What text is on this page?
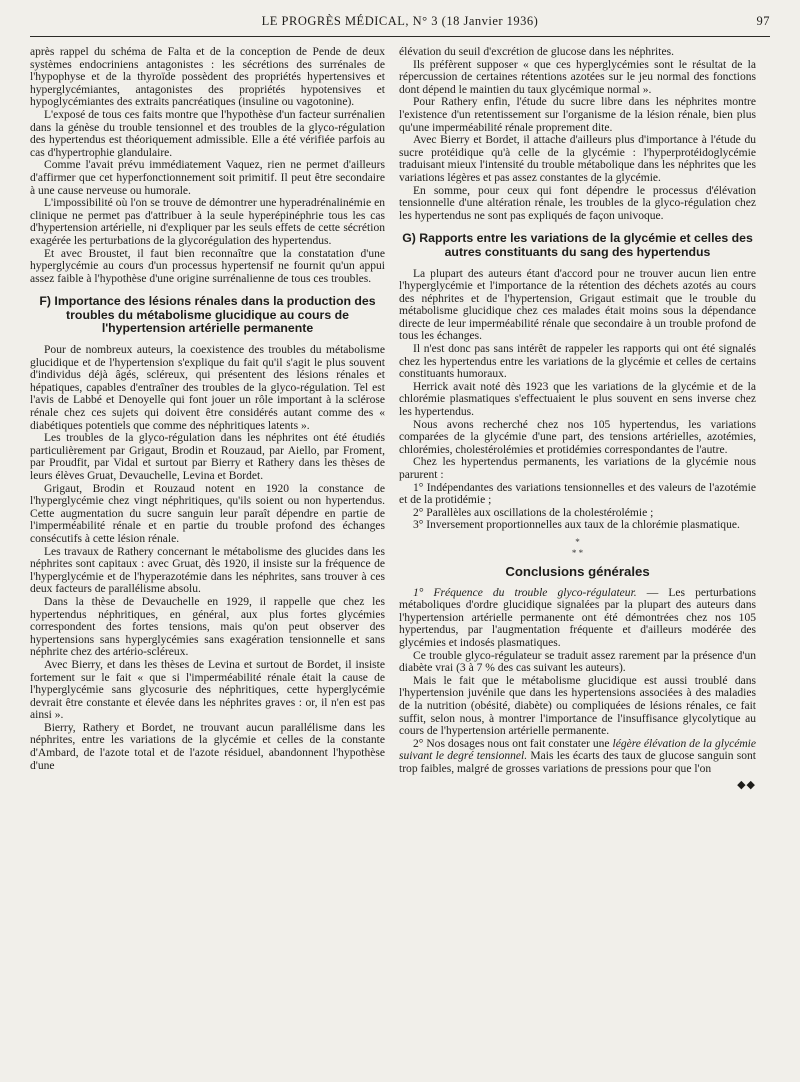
LE PROGRÈS MÉDICAL, N° 3 (18 Janvier 1936)	97

après rappel du schéma de Falta et de la conception de Pende de deux systèmes endocriniens antagonistes : les sécrétions des surrénales de l'hypophyse et de la thyroïde possèdent des propriétés hypertensives et hyperglycémiantes, antagonistes des propriétés hypotensives et hypoglycémiantes des extraits pancréatiques (insuline ou vagotonine).

L'exposé de tous ces faits montre que l'hypothèse d'un facteur surrénalien dans la génèse du trouble tensionnel et des troubles de la glyco-régulation des hypertendus est théoriquement admissible. Elle a été vérifiée parfois au cas d'hypertrophie glandulaire.

Comme l'avait prévu immédiatement Vaquez, rien ne permet d'ailleurs d'affirmer que cet hyperfonctionnement soit primitif. Il peut être secondaire à une cause nerveuse ou humorale.

L'impossibilité où l'on se trouve de démontrer une hyperadrénalinémie en clinique ne permet pas d'attribuer à la seule hyperépinéphrie tous les cas d'hypertension artérielle, ni d'expliquer par les seuls effets de cette sécrétion exagérée les perturbations de la glycorégulation des hypertendus.

Et avec Broustet, il faut bien reconnaître que la constatation d'une hyperglycémie au cours d'un processus hypertensif ne fournit qu'un appui assez faible à l'hypothèse d'une origine surrénalienne de tous ces troubles.

F) Importance des lésions rénales dans la production des troubles du métabolisme glucidique au cours de l'hypertension artérielle permanente

Pour de nombreux auteurs, la coexistence des troubles du métabolisme glucidique et de l'hypertension s'explique du fait qu'il s'agit le plus souvent d'individus déjà âgés, scléreux, qui présentent des lésions rénales et hépatiques, capables d'entraîner des troubles de la glyco-régulation. Tel est l'avis de Labbé et Denoyelle qui font jouer un rôle important à la sclérose rénale chez ces sujets qui doivent être considérés autant comme des « diabétiques potentiels que comme des néphritiques latents ».

Les troubles de la glyco-régulation dans les néphrites ont été étudiés particulièrement par Grigaut, Brodin et Rouzaud, par Aiello, par Froment, par Proudfit, par Vidal et surtout par Bierry et Rathery dans les thèses de leurs élèves Gruat, Devauchelle, Levina et Bordet.

Grigaut, Brodin et Rouzaud notent en 1920 la constance de l'hyperglycémie chez vingt néphritiques, qu'ils soient ou non hypertendus. Cette augmentation du sucre sanguin leur paraît dépendre en partie de l'imperméabilité rénale et en partie du trouble profond des échanges consécutifs à cette lésion rénale.

Les travaux de Rathery concernant le métabolisme des glucides dans les néphrites sont capitaux : avec Gruat, dès 1920, il insiste sur la fréquence de l'hyperglycémie et de l'hyperazotémie dans les néphrites, sans trouver à ces deux facteurs de parallélisme absolu.

Dans la thèse de Devauchelle en 1929, il rappelle que chez les hypertendus néphritiques, en général, aux plus fortes glycémies correspondent des fortes tensions, mais qu'on peut observer des hypertensions sans hyperglycémies sans exagération tensionnelle et sans néphrite chez des artério-scléreux.

Avec Bierry, et dans les thèses de Levina et surtout de Bordet, il insiste fortement sur le fait « que si l'imperméabilité rénale était la cause de l'hyperglycémie sans glycosurie des néphritiques, cette hyperglycémie devrait être constante et élevée dans les néphrites graves : or, il n'en est pas ainsi ».

Bierry, Rathery et Bordet, ne trouvant aucun parallélisme dans les néphrites, entre les variations de la glycémie et celles de la constante d'Ambard, de l'azote total et de l'azote résiduel, abandonnent l'hypothèse d'une

élévation du seuil d'excrétion de glucose dans les néphrites.

Ils préfèrent supposer « que ces hyperglycémies sont le résultat de la répercussion de certaines rétentions azotées sur le jeu normal des fonctions dont dépend le maintien du taux glycémique normal ».

Pour Rathery enfin, l'étude du sucre libre dans les néphrites montre l'existence d'un retentissement sur l'organisme de la lésion rénale, bien plus qu'une imperméabilité rénale proprement dite.

Avec Bierry et Bordet, il attache d'ailleurs plus d'importance à l'étude du sucre protéidique qu'à celle de la glycémie : l'hyperprotéidoglycémie traduisant mieux l'intensité du trouble métabolique dans les néphrites que les variations légères et pas assez constantes de la glycémie.

En somme, pour ceux qui font dépendre le processus d'élévation tensionnelle d'une altération rénale, les troubles de la glyco-régulation chez les hypertendus ne sont pas expliqués de façon univoque.

G) Rapports entre les variations de la glycémie et celles des autres constituants du sang des hypertendus

La plupart des auteurs étant d'accord pour ne trouver aucun lien entre l'hyperglycémie et l'importance de la rétention des déchets azotés au cours des néphrites et de l'hypertension, Grigaut estimait que le trouble du métabolisme glucidique chez ces malades était moins sous la dépendance directe de leur imperméabilité rénale que secondaire à un trouble profond de tous les échanges.

Il n'est donc pas sans intérêt de rappeler les rapports qui ont été signalés chez les hypertendus entre les variations de la glycémie et celles de certains constituants humoraux.

Herrick avait noté dès 1923 que les variations de la glycémie et de la chlorémie plasmatiques s'effectuaient le plus souvent en sens inverse chez les hypertendus.

Nous avons recherché chez nos 105 hypertendus, les variations comparées de la glycémie d'une part, des tensions artérielles, azotémies, chlorémies, cholestérolémies et protidémies correspondantes de l'autre.

Chez les hypertendus permanents, les variations de la glycémie nous parurent :

1° Indépendantes des variations tensionnelles et des valeurs de l'azotémie et de la protidémie ;

2° Parallèles aux oscillations de la cholestérolémie ;

3° Inversement proportionnelles aux taux de la chlorémie plasmatique.

*
* *
Conclusions générales

1° Fréquence du trouble glyco-régulateur. — Les perturbations métaboliques d'ordre glucidique signalées par la plupart des auteurs dans l'hypertension artérielle permanente ont été démontrées chez nos 105 hypertendus, par l'augmentation fréquente et d'ailleurs modérée des glycémies et indosés plasmatiques.

Ce trouble glyco-régulateur se traduit assez rarement par la présence d'un diabète vrai (3 à 7 % des cas suivant les auteurs).

Mais le fait que le métabolisme glucidique est aussi troublé dans l'hypertension juvénile que dans les hypertensions associées à des maladies de la nutrition (obésité, diabète) ou compliquées de lésions rénales, ce fait suffit, selon nous, à montrer l'importance de l'insuffisance glycolytique au cours de l'hypertension artérielle permanente.

2° Nos dosages nous ont fait constater une légère élévation de la glycémie suivant le degré tensionnel. Mais les écarts des taux de glucose sanguin sont trop faibles, malgré de grosses variations de pressions pour que l'on

◆◆
